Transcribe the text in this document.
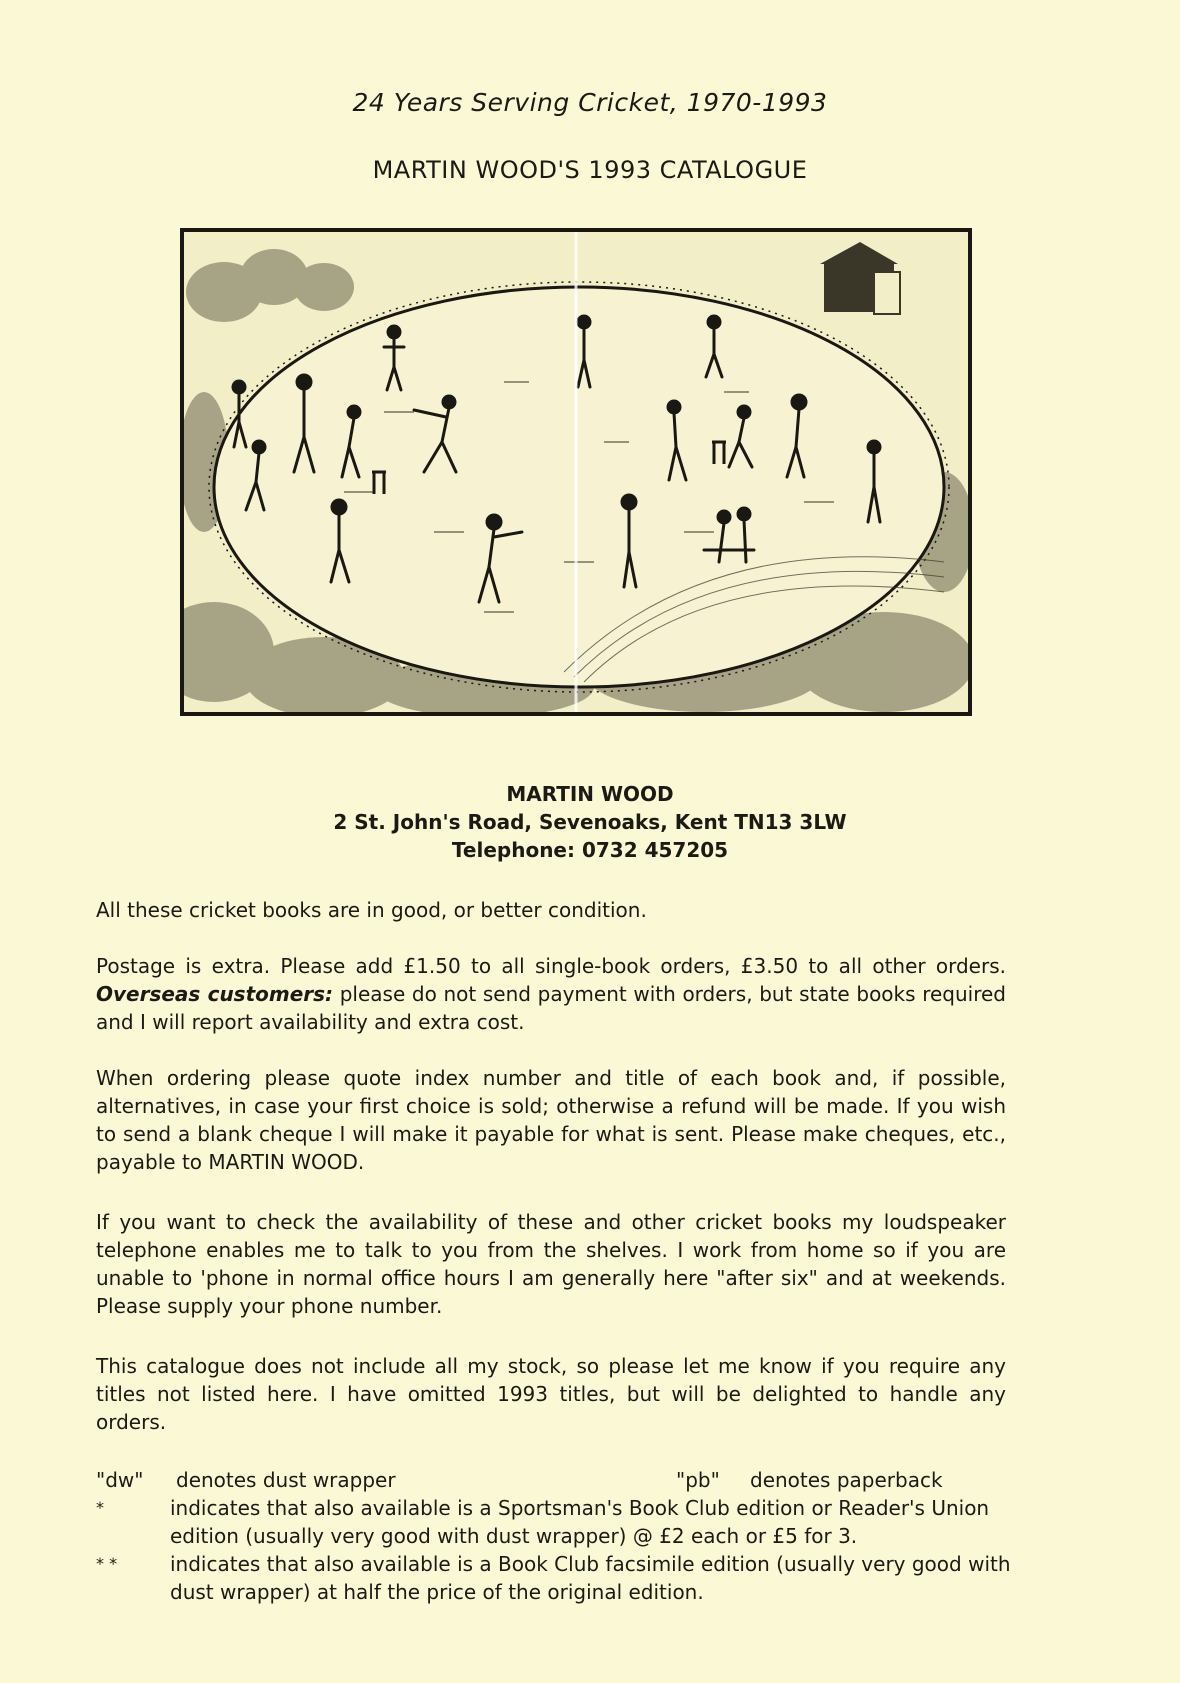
24 Years Serving Cricket, 1970-1993
MARTIN WOOD'S 1993 CATALOGUE
MARTIN WOOD
2 St. John's Road, Sevenoaks, Kent TN13 3LW
Telephone: 0732 457205
All these cricket books are in good, or better condition.
Postage is extra. Please add £1.50 to all single-book orders, £3.50 to all other orders. Overseas customers: please do not send payment with orders, but state books required and I will report availability and extra cost.
When ordering please quote index number and title of each book and, if possible, alternatives, in case your first choice is sold; otherwise a refund will be made. If you wish to send a blank cheque I will make it payable for what is sent. Please make cheques, etc., payable to MARTIN WOOD.
If you want to check the availability of these and other cricket books my loudspeaker telephone enables me to talk to you from the shelves. I work from home so if you are unable to 'phone in normal office hours I am generally here "after six" and at weekends. Please supply your phone number.
This catalogue does not include all my stock, so please let me know if you require any titles not listed here. I have omitted 1993 titles, but will be delighted to handle any orders.
"dw" denotes dust wrapper	"pb" denotes paperback
*	indicates that also available is a Sportsman's Book Club edition or Reader's Union edition (usually very good with dust wrapper) @ £2 each or £5 for 3.
* *	indicates that also available is a Book Club facsimile edition (usually very good with dust wrapper) at half the price of the original edition.
